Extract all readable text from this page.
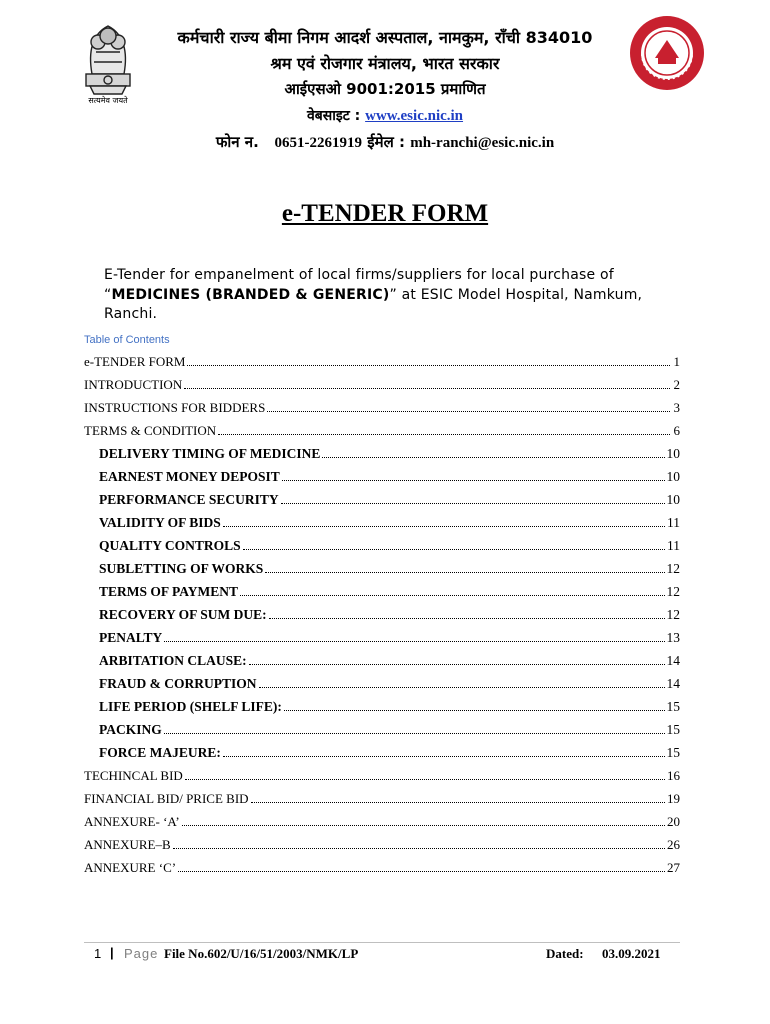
सत्यमेव जयते
कर्मचारी राज्य बीमा निगम आदर्श अस्पताल, नामकुम, राँची 834010
श्रम एवं रोजगार मंत्रालय, भारत सरकार
आईएसओ 9001:2015 प्रमाणित
वेबसाइट : www.esic.nic.in
फोन न. 0651-2261919 ईमेल : mh-ranchi@esic.nic.in
e-TENDER FORM
E-Tender for empanelment of local firms/suppliers for local purchase of “MEDICINES (BRANDED & GENERIC)” at ESIC Model Hospital, Namkum, Ranchi.
Table of Contents
e-TENDER FORM	1
INTRODUCTION	2
INSTRUCTIONS FOR BIDDERS	3
TERMS & CONDITION	6
DELIVERY TIMING OF MEDICINE	10
EARNEST MONEY DEPOSIT	10
PERFORMANCE SECURITY	10
VALIDITY OF BIDS	11
QUALITY CONTROLS	11
SUBLETTING OF WORKS	12
TERMS OF PAYMENT	12
RECOVERY OF SUM DUE:	12
PENALTY	13
ARBITATION CLAUSE:	14
FRAUD & CORRUPTION	14
LIFE PERIOD (SHELF LIFE):	15
PACKING	15
FORCE MAJEURE:	15
TECHINCAL BID	16
FINANCIAL BID/ PRICE BID	19
ANNEXURE- ‘A’	20
ANNEXURE–B	26
ANNEXURE ‘C’	27
1 | Page File No.602/U/16/51/2003/NMK/LP	Dated: 03.09.2021
